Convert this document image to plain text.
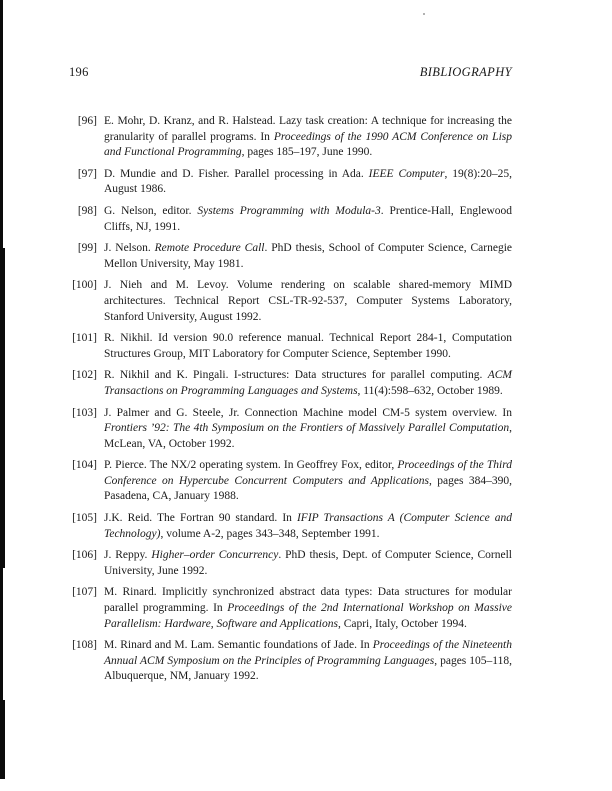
196	BIBLIOGRAPHY
[96] E. Mohr, D. Kranz, and R. Halstead. Lazy task creation: A technique for increasing the granularity of parallel programs. In Proceedings of the 1990 ACM Conference on Lisp and Functional Programming, pages 185–197, June 1990.
[97] D. Mundie and D. Fisher. Parallel processing in Ada. IEEE Computer, 19(8):20–25, August 1986.
[98] G. Nelson, editor. Systems Programming with Modula-3. Prentice-Hall, Englewood Cliffs, NJ, 1991.
[99] J. Nelson. Remote Procedure Call. PhD thesis, School of Computer Science, Carnegie Mellon University, May 1981.
[100] J. Nieh and M. Levoy. Volume rendering on scalable shared-memory MIMD architectures. Technical Report CSL-TR-92-537, Computer Systems Laboratory, Stanford University, August 1992.
[101] R. Nikhil. Id version 90.0 reference manual. Technical Report 284-1, Computation Structures Group, MIT Laboratory for Computer Science, September 1990.
[102] R. Nikhil and K. Pingali. I-structures: Data structures for parallel computing. ACM Transactions on Programming Languages and Systems, 11(4):598–632, October 1989.
[103] J. Palmer and G. Steele, Jr. Connection Machine model CM-5 system overview. In Frontiers ’92: The 4th Symposium on the Frontiers of Massively Parallel Computation, McLean, VA, October 1992.
[104] P. Pierce. The NX/2 operating system. In Geoffrey Fox, editor, Proceedings of the Third Conference on Hypercube Concurrent Computers and Applications, pages 384–390, Pasadena, CA, January 1988.
[105] J.K. Reid. The Fortran 90 standard. In IFIP Transactions A (Computer Science and Technology), volume A-2, pages 343–348, September 1991.
[106] J. Reppy. Higher–order Concurrency. PhD thesis, Dept. of Computer Science, Cornell University, June 1992.
[107] M. Rinard. Implicitly synchronized abstract data types: Data structures for modular parallel programming. In Proceedings of the 2nd International Workshop on Massive Parallelism: Hardware, Software and Applications, Capri, Italy, October 1994.
[108] M. Rinard and M. Lam. Semantic foundations of Jade. In Proceedings of the Nineteenth Annual ACM Symposium on the Principles of Programming Languages, pages 105–118, Albuquerque, NM, January 1992.
